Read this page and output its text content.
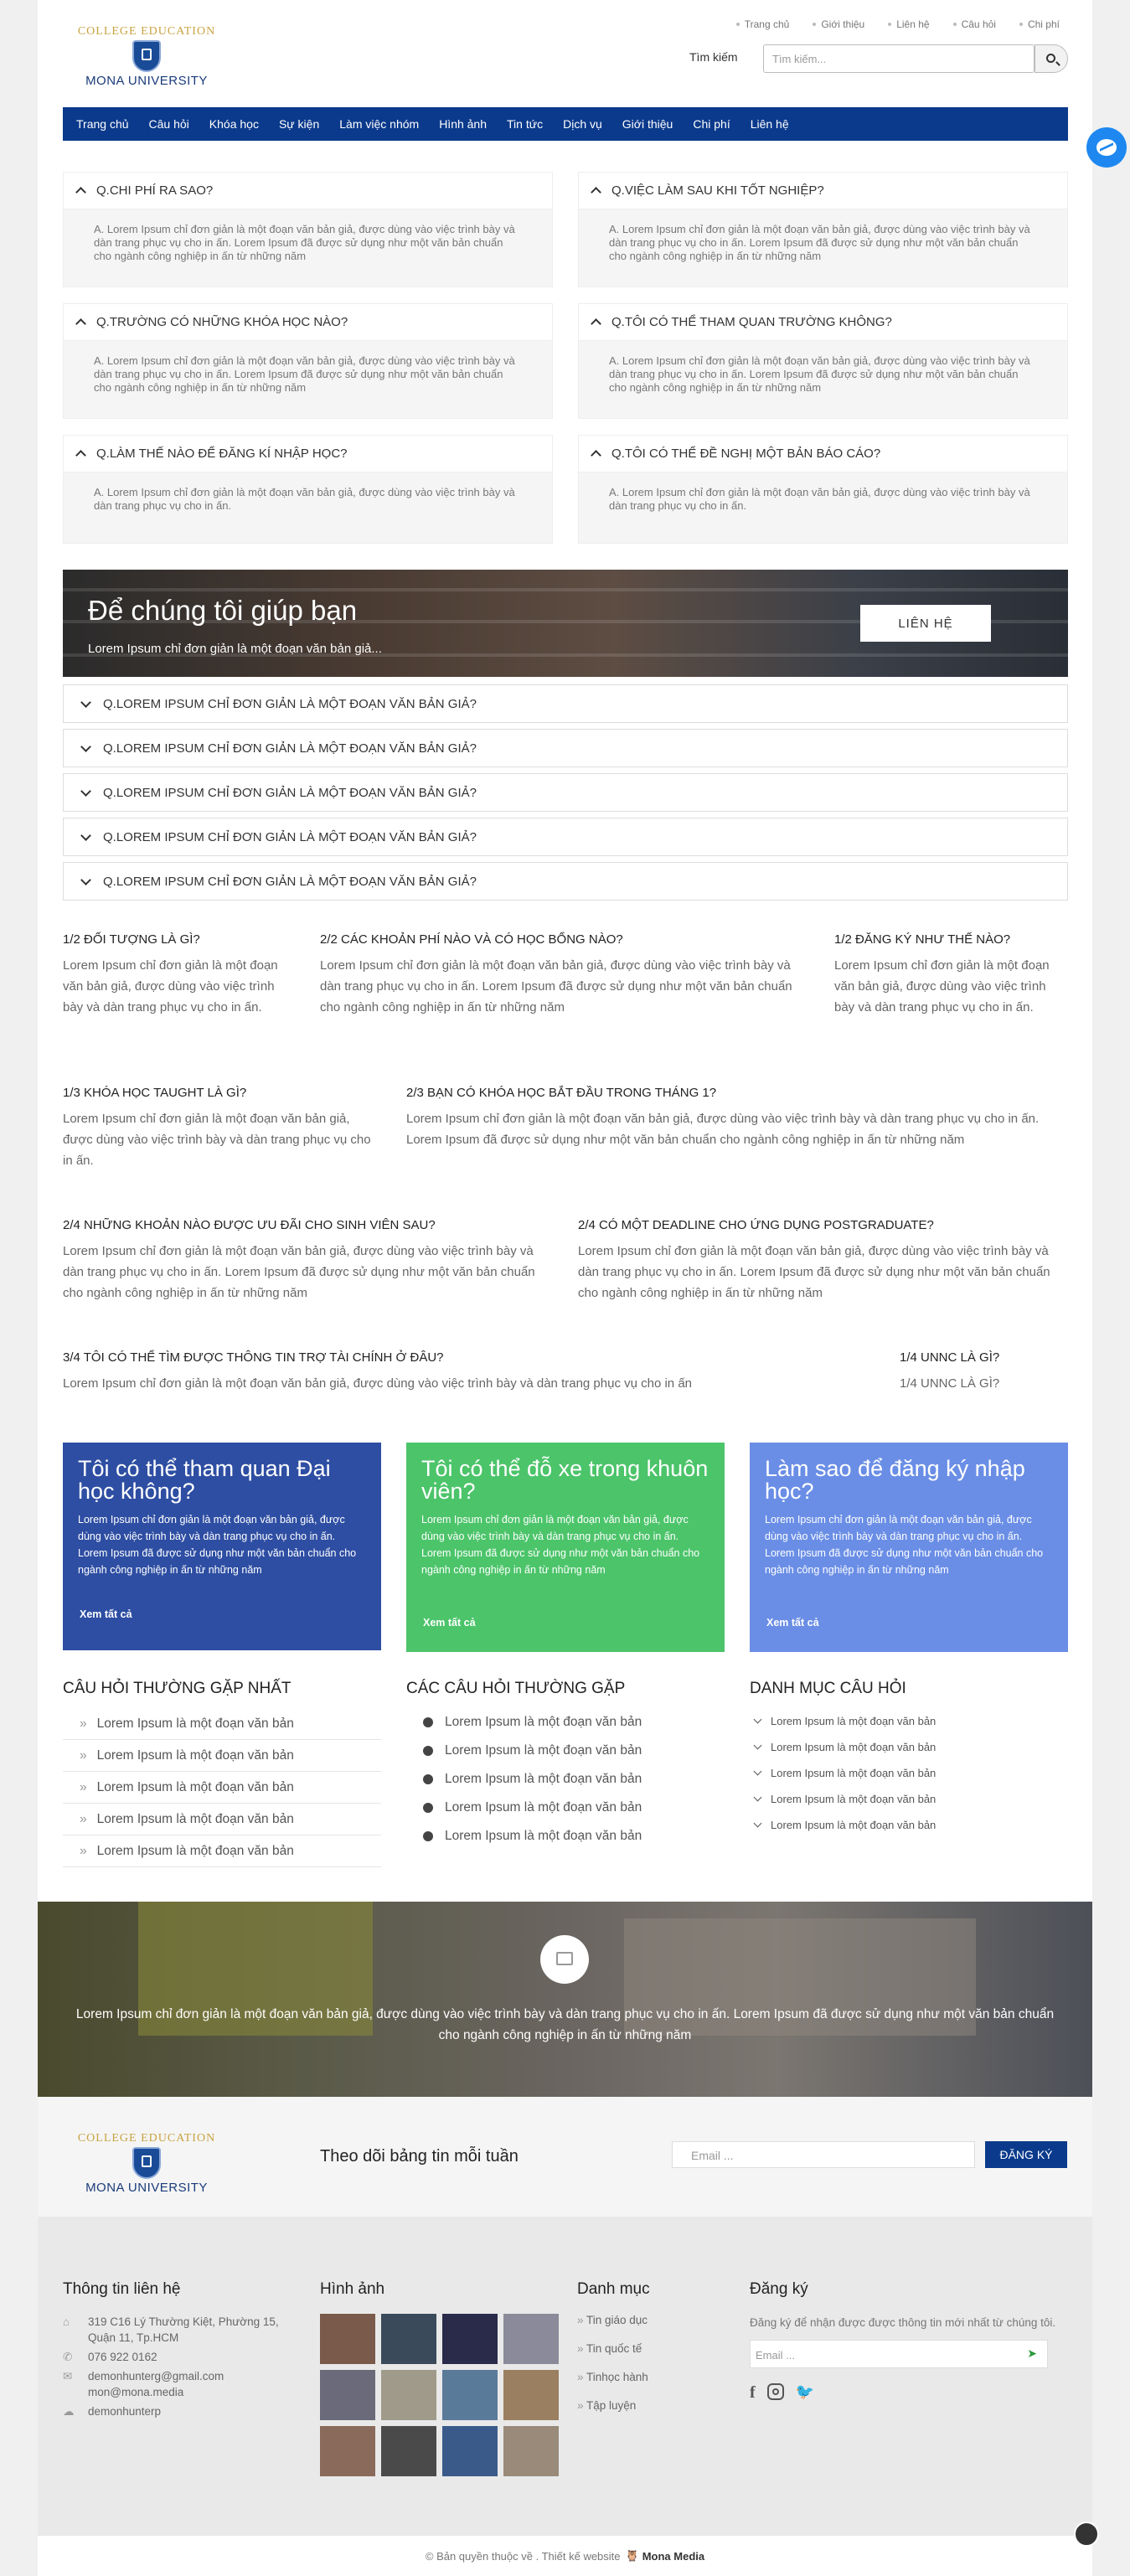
Trang chủ	Giới thiệu	Liên hệ	Câu hỏi	Chi phí
COLLEGE EDUCATION
MONA UNIVERSITY
Tìm kiếm	Tìm kiếm...
Trang chủ	Câu hỏi	Khóa học	Sự kiện	Làm việc nhóm	Hình ảnh	Tin tức	Dịch vụ	Giới thiệu	Chi phí	Liên hệ
Q.CHI PHÍ RA SAO?
A. Lorem Ipsum chỉ đơn giản là một đoạn văn bản giả, được dùng vào việc trình bày và dàn trang phục vụ cho in ấn. Lorem Ipsum đã được sử dụng như một văn bản chuẩn cho ngành công nghiệp in ấn từ những năm
Q.VIỆC LÀM SAU KHI TỐT NGHIỆP?
A. Lorem Ipsum chỉ đơn giản là một đoạn văn bản giả, được dùng vào việc trình bày và dàn trang phục vụ cho in ấn. Lorem Ipsum đã được sử dụng như một văn bản chuẩn cho ngành công nghiệp in ấn từ những năm
Q.TRƯỜNG CÓ NHỮNG KHÓA HỌC NÀO?
A. Lorem Ipsum chỉ đơn giản là một đoạn văn bản giả, được dùng vào việc trình bày và dàn trang phục vụ cho in ấn. Lorem Ipsum đã được sử dụng như một văn bản chuẩn cho ngành công nghiệp in ấn từ những năm
Q.TÔI CÓ THỂ THAM QUAN TRƯỜNG KHÔNG?
A. Lorem Ipsum chỉ đơn giản là một đoạn văn bản giả, được dùng vào việc trình bày và dàn trang phục vụ cho in ấn. Lorem Ipsum đã được sử dụng như một văn bản chuẩn cho ngành công nghiệp in ấn từ những năm
Q.LÀM THẾ NÀO ĐỂ ĐĂNG KÍ NHẬP HỌC?
A. Lorem Ipsum chỉ đơn giản là một đoạn văn bản giả, được dùng vào việc trình bày và dàn trang phục vụ cho in ấn.
Q.TÔI CÓ THỂ ĐỀ NGHỊ MỘT BẢN BÁO CÁO?
A. Lorem Ipsum chỉ đơn giản là một đoạn văn bản giả, được dùng vào việc trình bày và dàn trang phục vụ cho in ấn.
Để chúng tôi giúp bạn
Lorem Ipsum chỉ đơn giản là một đoạn văn bản giả...
LIÊN HỆ
Q.LOREM IPSUM CHỈ ĐƠN GIẢN LÀ MỘT ĐOẠN VĂN BẢN GIẢ?
Q.LOREM IPSUM CHỈ ĐƠN GIẢN LÀ MỘT ĐOẠN VĂN BẢN GIẢ?
Q.LOREM IPSUM CHỈ ĐƠN GIẢN LÀ MỘT ĐOẠN VĂN BẢN GIẢ?
Q.LOREM IPSUM CHỈ ĐƠN GIẢN LÀ MỘT ĐOẠN VĂN BẢN GIẢ?
Q.LOREM IPSUM CHỈ ĐƠN GIẢN LÀ MỘT ĐOẠN VĂN BẢN GIẢ?
1/2 ĐỐI TƯỢNG LÀ GÌ?

Lorem Ipsum chỉ đơn giản là một đoạn văn bản giả, được dùng vào việc trình bày và dàn trang phục vụ cho in ấn.

2/2 CÁC KHOẢN PHÍ NÀO VÀ CÓ HỌC BỔNG NÀO?

Lorem Ipsum chỉ đơn giản là một đoạn văn bản giả, được dùng vào việc trình bày và dàn trang phục vụ cho in ấn. Lorem Ipsum đã được sử dụng như một văn bản chuẩn cho ngành công nghiệp in ấn từ những năm

1/2 ĐĂNG KÝ NHƯ THẾ NÀO?

Lorem Ipsum chỉ đơn giản là một đoạn văn bản giả, được dùng vào việc trình bày và dàn trang phục vụ cho in ấn.

1/3 KHÓA HỌC TAUGHT LÀ GÌ?

Lorem Ipsum chỉ đơn giản là một đoạn văn bản giả, được dùng vào việc trình bày và dàn trang phục vụ cho in ấn.

2/3 BẠN CÓ KHÓA HỌC BẮT ĐẦU TRONG THÁNG 1?

Lorem Ipsum chỉ đơn giản là một đoạn văn bản giả, được dùng vào việc trình bày và dàn trang phục vụ cho in ấn. Lorem Ipsum đã được sử dụng như một văn bản chuẩn cho ngành công nghiệp in ấn từ những năm

2/4 NHỮNG KHOẢN NÀO ĐƯỢC ƯU ĐÃI CHO SINH VIÊN SAU?

Lorem Ipsum chỉ đơn giản là một đoạn văn bản giả, được dùng vào việc trình bày và dàn trang phục vụ cho in ấn. Lorem Ipsum đã được sử dụng như một văn bản chuẩn cho ngành công nghiệp in ấn từ những năm

2/4 CÓ MỘT DEADLINE CHO ỨNG DỤNG POSTGRADUATE?

Lorem Ipsum chỉ đơn giản là một đoạn văn bản giả, được dùng vào việc trình bày và dàn trang phục vụ cho in ấn. Lorem Ipsum đã được sử dụng như một văn bản chuẩn cho ngành công nghiệp in ấn từ những năm

3/4 TÔI CÓ THỂ TÌM ĐƯỢC THÔNG TIN TRỢ TÀI CHÍNH Ở ĐÂU?

Lorem Ipsum chỉ đơn giản là một đoạn văn bản giả, được dùng vào việc trình bày và dàn trang phục vụ cho in ấn

1/4 UNNC LÀ GÌ?

1/4 UNNC LÀ GÌ?

Tôi có thể tham quan Đại học không?

Lorem Ipsum chỉ đơn giản là một đoạn văn bản giả, được dùng vào việc trình bày và dàn trang phục vụ cho in ấn. Lorem Ipsum đã được sử dụng như một văn bản chuẩn cho ngành công nghiệp in ấn từ những năm

Xem tất cả
Tôi có thể đỗ xe trong khuôn viên?

Lorem Ipsum chỉ đơn giản là một đoạn văn bản giả, được dùng vào việc trình bày và dàn trang phục vụ cho in ấn. Lorem Ipsum đã được sử dụng như một văn bản chuẩn cho ngành công nghiệp in ấn từ những năm

Xem tất cả
Làm sao để đăng ký nhập học?

Lorem Ipsum chỉ đơn giản là một đoạn văn bản giả, được dùng vào việc trình bày và dàn trang phục vụ cho in ấn. Lorem Ipsum đã được sử dụng như một văn bản chuẩn cho ngành công nghiệp in ấn từ những năm

Xem tất cả
CÂU HỎI THƯỜNG GẶP NHẤT
» Lorem Ipsum là một đoạn văn bản
» Lorem Ipsum là một đoạn văn bản
» Lorem Ipsum là một đoạn văn bản
» Lorem Ipsum là một đoạn văn bản
» Lorem Ipsum là một đoạn văn bản
CÁC CÂU HỎI THƯỜNG GẶP
Lorem Ipsum là một đoạn văn bản
Lorem Ipsum là một đoạn văn bản
Lorem Ipsum là một đoạn văn bản
Lorem Ipsum là một đoạn văn bản
Lorem Ipsum là một đoạn văn bản
DANH MỤC CÂU HỎI
Lorem Ipsum là một đoạn văn bản
Lorem Ipsum là một đoạn văn bản
Lorem Ipsum là một đoạn văn bản
Lorem Ipsum là một đoạn văn bản
Lorem Ipsum là một đoạn văn bản

Lorem Ipsum chỉ đơn giản là một đoạn văn bản giả, được dùng vào việc trình bày và dàn trang phục vụ cho in ấn. Lorem Ipsum đã được sử dụng như một văn bản chuẩn cho ngành công nghiệp in ấn từ những năm

COLLEGE EDUCATION
MONA UNIVERSITY
Theo dõi bảng tin mỗi tuần	Email ...	ĐĂNG KÝ
Thông tin liên hệ
⌂	319 C16 Lý Thường Kiệt, Phường 15, Quận 11, Tp.HCM
✆	076 922 0162
✉	demonhunterg@gmail.com
mon@mona.media
☁	demonhunterp
Hình ảnh	Danh mục
» Tin giáo dục
» Tin quốc tế
» Tinhọc hành
» Tập luyện
Đăng ký
Đăng ký để nhận được được thông tin mới nhất từ chúng tôi.
Email ...	➤
f	🐦
© Bản quyền thuộc về . Thiết kế website 🦉 Mona Media
